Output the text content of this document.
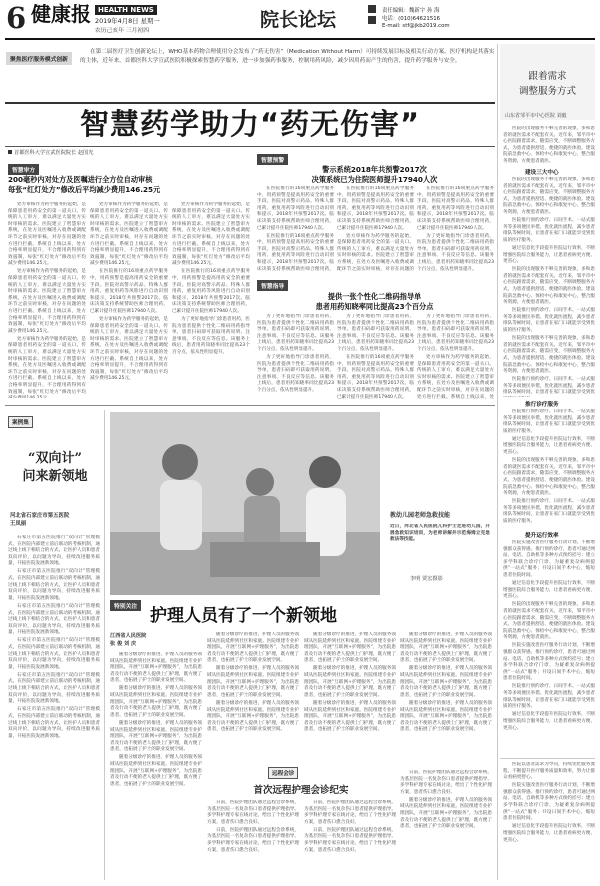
6 健康报	HEALTH NEWS
2019年4月8日 星期一
农历己亥年 三月初四	院长论坛	责任编辑：魏新宇 孙 海
电话：(010)64621516
E-mail: stf@jkb2019.com
聚焦医疗服务模式创新
在第二届医疗卫生创新论坛上，WHO基本药物合理使用分会发布了“药无伤害”（Medication Without Harm）可持续发展目标及相关行动方案。医疗机构是其落实的主体，近年来，首都医科大学宣武医院积极探索智慧药学服务，进一步加强药事服务，控制用药风险，减少因用药而产生的伤害，提升药学服务与安全。
智慧药学助力“药无伤害”
首都医科大学宣武医院院长 赵国光
跟着需求
调整服务方式
山东省邹平市中心医院 刘毅

医院的出现服务不够完善的现象，多和患者的就医需求不配套有关。近年来，邹平市中心医院跟着需求，随需应变，不断调整服务方式，为患者提供舒适、便捷的就医体验。建设院前急救中心、体检中心和康复中心，整合服务资源，方便患者就医。

建设三大中心

医院的出现服务不够完善的现象，多和患者的就医需求不配套有关。近年来，邹平市中心医院跟着需求，随需应变，不断调整服务方式，为患者提供舒适、便捷的就医体验。建设院前急救中心、体检中心和康复中心，整合服务资源，方便患者就医。

医院推行预约诊疗、日间手术、一站式服务等多项便民举措，优化就医流程，减少患者排队等候时间，让患者在家门口就能享受到优质的医疗服务。

通过信息化手段提升医院运行效率，不断增强医院综合服务能力，让患者看病更方便、更省心。

医院的出现服务不够完善的现象，多和患者的就医需求不配套有关。近年来，邹平市中心医院跟着需求，随需应变，不断调整服务方式，为患者提供舒适、便捷的就医体验。建设院前急救中心、体检中心和康复中心，整合服务资源，方便患者就医。

医院推行预约诊疗、日间手术、一站式服务等多项便民举措，优化就医流程，减少患者排队等候时间，让患者在家门口就能享受到优质的医疗服务。

医院的出现服务不够完善的现象，多和患者的就医需求不配套有关。近年来，邹平市中心医院跟着需求，随需应变，不断调整服务方式，为患者提供舒适、便捷的就医体验。建设院前急救中心、体检中心和康复中心，整合服务资源，方便患者就医。

医院推行预约诊疗、日间手术、一站式服务等多项便民举措，优化就医流程，减少患者排队等候时间，让患者在家门口就能享受到优

推行诊疗服务

医院推行预约诊疗、日间手术、一站式服务等多项便民举措，优化就医流程，减少患者排队等候时间，让患者在家门口就能享受到优质的医疗服务。

通过信息化手段提升医院运行效率，不断增强医院综合服务能力，让患者看病更方便、更省心。

医院的出现服务不够完善的现象，多和患者的就医需求不配套有关。近年来，邹平市中心医院跟着需求，随需应变，不断调整服务方式，为患者提供舒适、便捷的就医体验。建设院前急救中心、体检中心和康复中心，整合服务资源，方便患者就医。

医院推行预约诊疗、日间手术、一站式服务等多项便民举措，优化就医流程，减少患者排队等候时间，让患者在家门口就能享受到优质的医疗服务。

提升运行效率

医院实施改善医疗服务行动计划，不断增强群众获得感。推行预约诊疗，患者可通过网站、电话、自助机等多种方式预约挂号；建立多学科联合诊疗门诊，为疑难复杂病例提供“一站式”服务；开设日间手术中心，缩短患者住院时间。

通过信息化手段提升医院运行效率，不断增强医院综合服务能力，让患者看病更方便、更省心。

医院的出现服务不够完善的现象，多和患者的就医需求不配套有关。近年来，邹平市中心医院跟着需求，随需应变，不断调整服务方式，为患者提供舒适、便捷的就医体验。建设院前急救中心、体检中心和康复中心，整合服务资源，方便患者就医。

医院实施改善医疗服务行动计划，不断增强群众获得感。推行预约诊疗，患者可通过网站、电话、自助机等多种方式预约挂号；建立多学科联合诊疗门诊，为疑难复杂病例提供“一站式”服务；开设日间手术中心，缩短患者住院时间。

医院推行预约诊疗、日间手术、一站式服务等多项便民举措，优化就医流程，减少患者排队等候时间，让患者在家门口就能享受到优质的医疗服务。

通过信息化手段提升医院运行效率，不断增强医院综合服务能力，让患者看病更方便、更省心。

医院以患者需求为导向，持续优化服务流程，不断提升医疗服务质量和效率，努力让群众看病更舒心。

医院实施改善医疗服务行动计划，不断增强群众获得感。推行预约诊疗，患者可通过网站、电话、自助机等多种方式预约挂号；建立多学科联合诊疗门诊，为疑难复杂病例提供“一站式”服务；开设日间手术中心，缩短患者住院时间。

通过信息化手段提升医院运行效率，不断增强医院综合服务能力，让患者看病更方便、更省心。

智慧审方
200毫秒内对处方及医嘱进行全方位自动审核
每张“红灯处方”修改后平均减少费用146.25元

处方审核作为药学服务的起始，是保障患者用药安全的第一道关口。传统的人工审方，难以满足大量处方实时审核的需求。医院建立了智慧审方系统，在处方及医嘱进入收费或调配环节之前实时审核，对存在问题的处方进行拦截。系统自上线以来，处方合格率明显提升，不合理用药得到有效遏制，每张“红灯处方”修改后平均减少费用146.25元。

处方审核作为药学服务的起始，是保障患者用药安全的第一道关口。传统的人工审方，难以满足大量处方实时审核的需求。医院建立了智慧审方系统，在处方及医嘱进入收费或调配环节之前实时审核，对存在问题的处方进行拦截。系统自上线以来，处方合格率明显提升，不合理用药得到有效遏制，每张“红灯处方”修改后平均减少费用146.25元。

处方审核作为药学服务的起始，是保障患者用药安全的第一道关口。传统的人工审方，难以满足大量处方实时审核的需求。医院建立了智慧审方系统，在处方及医嘱进入收费或调配环节之前实时审核，对存在问题的处方进行拦截。系统自上线以来，处方合格率明显提升，不合理用药得到有效遏制，每张“红灯处方”修改后平均

处方审核作为药学服务的起始，是保障患者用药安全的第一道关口。传统的人工审方，难以满足大量处方实时审核的需求。医院建立了智慧审方系统，在处方及医嘱进入收费或调配环节之前实时审核，对存在问题的处方进行拦截。系统自上线以来，处方合格率明显提升，不合理用药得到有效遏制，每张“红灯处方”修改后平均减少费用146.25元。

在医院推行的16项重点药学服务中，用药预警是提高用药安全的重要手段。医院对高警示药品、特殊人群用药、重复用药等风险进行自动识别和提示，2018年共预警2017次。临床决策支持系统帮助医师合理用药，已累计提升住院医师17940人次。

处方审核作为药学服务的起始，是保障患者用药安全的第一道关口。传统的人工审方，难以满足大量处方实时审核的需求。医院建立了智慧审方系统，在处方及医嘱进入收费或调配环节之前实时审核，对存在问题的处方进行拦截。系统自上线以来，处方合格率明显提升，不合理用药得到有效遏制，每张“红灯处方”修改后平均减少费用146.25元。

处方审核作为药学服务的起始，是保障患者用药安全的第一道关口。传统的人工审方，难以满足大量处方实时审核的需求。医院建立了智慧审方系统，在处方及医嘱进入收费或调配环节之前实时审核，对存在问题的处方进行拦截。系统自上线以来，处方合格率明显提升，不合理用药得到有效遏制，每张“红灯处方”修改后平均减少费用146.25元。

在医院推行的16项重点药学服务中，用药预警是提高用药安全的重要手段。医院对高警示药品、特殊人群用药、重复用药等风险进行自动识别和提示，2018年共预警2017次。临床决策支持系统帮助医师合理用药，已累计提升住院医师17940人次。

为了更好地指导门诊患者用药，医院为患者提供个性化二维码用药指导单，患者扫码即可获取用药说明、注意事项、不良反应等信息。该服务上线后，患者用药知晓率同比提高23个百分点，依从性明显提升。

智慧预警
警示系统2018年共预警2017次
决策系统已为住院医师提升17940人次

在医院推行的16项重点药学服务中，用药预警是提高用药安全的重要手段。医院对高警示药品、特殊人群用药、重复用药等风险进行自动识别和提示，2018年共预警2017次。临床决策支持系统帮助医师合理用药，已累计提升住院医师17940人次。

在医院推行的16项重点药学服务中，用药预警是提高用药安全的重要手段。医院对高警示药品、特殊人群用药、重复用药等风险进行自动识别和提示，2018年共预警2017次。临床决策支持系统帮助医师合理用药，

在医院推行的16项重点药学服务中，用药预警是提高用药安全的重要手段。医院对高警示药品、特殊人群用药、重复用药等风险进行自动识别和提示，2018年共预警2017次。临床决策支持系统帮助医师合理用药，已累计提升住院医师17940人次。

处方审核作为药学服务的起始，是保障患者用药安全的第一道关口。传统的人工审方，难以满足大量处方实时审核的需求。医院建立了智慧审方系统，在处方及医嘱进入收费或调配环节之前实时审核，对存在问题的

在医院推行的16项重点药学服务中，用药预警是提高用药安全的重要手段。医院对高警示药品、特殊人群用药、重复用药等风险进行自动识别和提示，2018年共预警2017次。临床决策支持系统帮助医师合理用药，已累计提升住院医师17940人次。

为了更好地指导门诊患者用药，医院为患者提供个性化二维码用药指导单，患者扫码即可获取用药说明、注意事项、不良反应等信息。该服务上线后，患者用药知晓率同比提高23个百分点，依从性明显提升。

智慧指导
提供一张个性化二维码指导单
患者用药知晓率同比提高23个百分点

为了更好地指导门诊患者用药，医院为患者提供个性化二维码用药指导单，患者扫码即可获取用药说明、注意事项、不良反应等信息。该服务上线后，患者用药知晓率同比提高23个百分点，依从性明显提升。

为了更好地指导门诊患者用药，医院为患者提供个性化二维码用药指导单，患者扫码即可获取用药说明、注意事项、不良反应等信息。该服务上线后，患者用药知晓率同比提高23个百分点，依从性明显提升。

为了更好地指导门诊患者用药，医院为患者提供个性化二维码用药指导单，患者扫码即可获取用药说明、注意事项、不良反应等信息。该服务上线后，患者用药知晓率同比提高23个百分点，依从性明显提升。

在医院推行的16项重点药学服务中，用药预警是提高用药安全的重要手段。医院对高警示药品、特殊人群用药、重复用药等风险进行自动识别和提示，2018年共预警2017次。临床决策支持系统帮助医师合理用药，已累计提升住院医师17940人次。

为了更好地指导门诊患者用药，医院为患者提供个性化二维码用药指导单，患者扫码即可获取用药说明、注意事项、不良反应等信息。该服务上线后，患者用药知晓率同比提高23个百分点，依从性明显提升。

处方审核作为药学服务的起始，是保障患者用药安全的第一道关口。传统的人工审方，难以满足大量处方实时审核的需求。医院建立了智慧审方系统，在处方及医嘱进入收费或调配环节之前实时审核，对存在问题的处方进行拦截。系统自上线以来，处

案例集
“双向计”
问来新领地
河北省石家庄市第五医院
王凤丽

石家庄市第五医院推行“双向计”管理模式，在医院内部建立前后联动的考核机制，通过线上线下相结合的方式，让医护人员和患者双向评价，以问题为导向，持续改进服务质量，开拓医院发展新领地。

石家庄市第五医院推行“双向计”管理模式，在医院内部建立前后联动的考核机制，通过线上线下相结合的方式，让医护人员和患者双向评价，以问题为导向，持续改进服务质量，开拓医院发展新领地。

石家庄市第五医院推行“双向计”管理模式，在医院内部建立前后联动的考核机制，通过线上线下相结合的方式，让医护人员和患者双向评价，以问题为导向，持续改进服务质量，开拓医院发展新领地。

石家庄市第五医院推行“双向计”管理模式，在医院内部建立前后联动的考核机制，通过线上线下相结合的方式，让医护人员和患者双向评价，以问题为导向，持续改进服务质量，开拓医院发展新领地。

石家庄市第五医院推行“双向计”管理模式，在医院内部建立前后联动的考核机制，通过线上线下相结合的方式，让医护人员和患者双向评价，以问题为导向，持续改进服务质量，开拓医院发展新领地。

石家庄市第五医院推行“双向计”管理模式，在医院内部建立前后联动的考核机制，通过线上线下相结合的方式，让医护人员和患者双向评价，以问题为导向，持续改进服务质量，开拓医院发展新领地。

教幼儿园老师急救技能
近日，河北省人民医院儿科护士走进幼儿园，开展急救知识培训，为老师讲解并示范海姆立克急救法等技能。
李明 贾宏摄影
特别关注 护理人员有了一个新领地
江西省人民医院
张 俊 刘 庆

随着分级诊疗的推进，护理人员的服务领域从医院延伸到社区和家庭。医院组建专业护理团队，开展“互联网+护理服务”，为出院患者及行动不便的老人提供上门护理，既方便了患者，也拓展了护士的职业发展空间。

随着分级诊疗的推进，护理人员的服务领域从医院延伸到社区和家庭。医院组建专业护理团队，开展“互联网+护理服务”，为出院患者及行动不便的老人提供上门护理，既方便了患者，也拓展了护士的职业发展空间。

随着分级诊疗的推进，护理人员的服务领域从医院延伸到社区和家庭。医院组建专业护理团队，开展“互联网+护理服务”，为出院患者及行动不便的老人提供上门护理，既方便了患者，也拓展了护士的职业发展空间。

随着分级诊疗的推进，护理人员的服务领域从医院延伸到社区和家庭。医院组建专业护理团队，开展“互联网+护理服务”，为出院患者及行动不便的老人提供上门护理，既方便了患者，也拓展了护士的职业发展空间。

随着分级诊疗的推进，护理人员的服务领域从医院延伸到社区和家庭。医院组建专业护理团队，开展“互联网+护理服务”，为出院患者及行动不便的老人提供上门护理，既方便了患者，也拓展了护士的职业发展空间。

随着分级诊疗的推进，护理人员的服务领域从医院延伸到社区和家庭。医院组建专业护理团队，开展“互联网+护理服务”，为出院患者及行动不便的老人提供上门护理，既方便了患者，也拓展了护士的职业发展空间。

随着分级诊疗的推进，护理人员的服务领域从医院延伸到社区和家庭。医院组建专业护理团队，开展“互联网+护理服务”，为出院患者及行动不便的老人提供上门护理，既方便了患者，也拓展了护士的职业发展空间。

随着分级诊疗的推进，护理人员的服务领域从医院延伸到社区和家庭。医院组建专业护理团队，开展“互联网+护理服务”，为出院患者及行动不便的老人提供上门护理，既方便了患者，也拓展了护士的职业发展空间。

随着分级诊疗的推进，护理人员的服务领域从医院延伸到社区和家庭。医院组建专业护理团队，开展“互联网+护理服务”，为出院患者及行动不便的老人提供上门护理，既方便了患者，也拓展了护士的职业发展空间。

随着分级诊疗的推进，护理人员的服务领域从医院延伸到社区和家庭。医院组建专业护理团队，开展“互联网+护理服务”，为出院患者及行动不便的老人提供上门护理，既方便了患者，也拓展了护士的职业发展空间。

随着分级诊疗的推进，护理人员的服务领域从医院延伸到社区和家庭。医院组建专业护理团队，开展“互联网+护理服务”，为出院患者及行动不便的老人提供上门护理，既方便了患者，也拓展了护士的职业发展空间。

随着分级诊疗的推进，护理人员的服务领域从医院延伸到社区和家庭。医院组建专业护理团队，开展“互联网+护理服务”，为出院患者及行动不便的老人提供上门护理，既方便了患者，也拓展了护士的职业发展空间。

随着分级诊疗的推进，护理人员的服务领域从医院延伸到社区和家庭。医院组建专业护理团队，开展“互联网+护理服务”，为出院患者及行动不便的老人提供上门护理，既方便了患者，也拓展了护士的职业发展空间。

远程会诊
首次远程护理会诊纪实

日前，医院护理团队通过远程会诊系统，为基层医院一名复杂伤口患者提供护理指导。多学科护理专家在线讨论，给出了个性化护理方案，患者伤口愈合良好。

日前，医院护理团队通过远程会诊系统，为基层医院一名复杂伤口患者提供护理指导。多学科护理专家在线讨论，给出了个性化护理方案，患者伤口愈合良好。

日前，医院护理团队通过远程会诊系统，为基层医院一名复杂伤口患者提供护理指导。多学科护理专家在线讨论，给出了个性化护理方案，患者伤口愈合良好。

日前，医院护理团队通过远程会诊系统，为基层医院一名复杂伤口患者提供护理指导。多学科护理专家在线讨论，给出了个性化护理方案，患者伤口愈合良好。

日前，医院护理团队通过远程会诊系统，为基层医院一名复杂伤口患者提供护理指导。多学科护理专家在线讨论，给出了个性化护理方案，患者伤口愈合良好。

随着分级诊疗的推进，护理人员的服务领域从医院延伸到社区和家庭。医院组建专业护理团队，开展“互联网+护理服务”，为出院患者及行动不便的老人提供上门护理，既方便了患者，也拓展了护士的职业发展空间。
